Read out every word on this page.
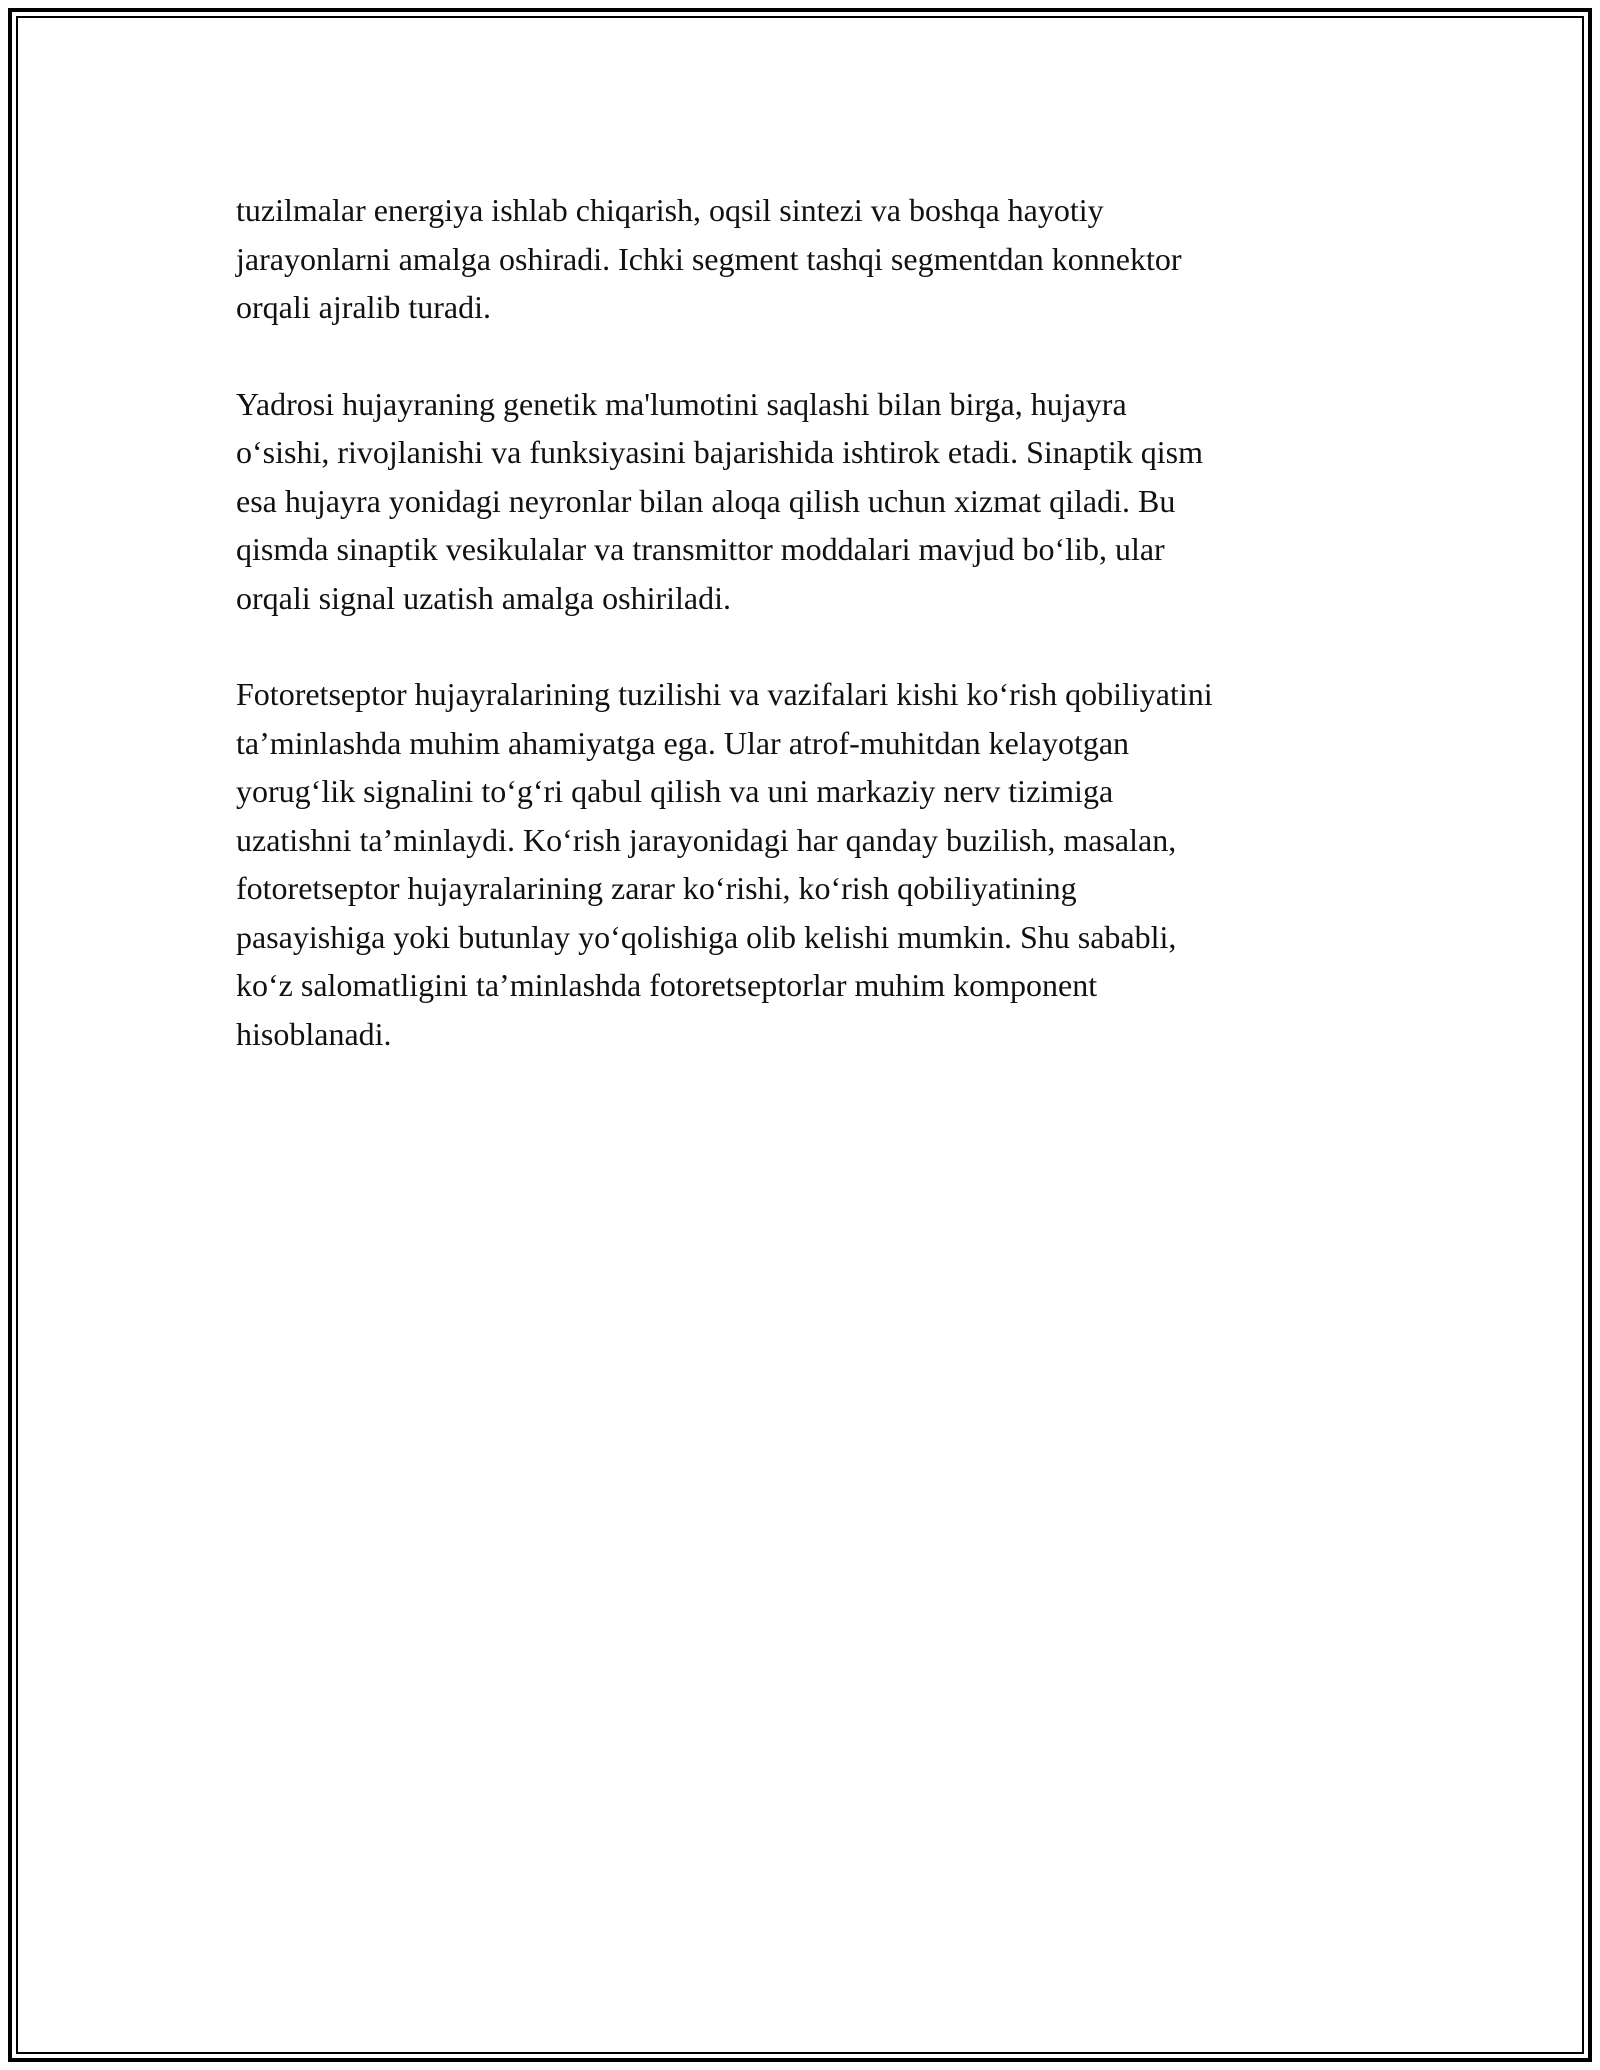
tuzilmalar energiya ishlab chiqarish, oqsil sintezi va boshqa hayotiy
jarayonlarni amalga oshiradi. Ichki segment tashqi segmentdan konnektor
orqali ajralib turadi.

Yadrosi hujayraning genetik ma'lumotini saqlashi bilan birga, hujayra
o‘sishi, rivojlanishi va funksiyasini bajarishida ishtirok etadi. Sinaptik qism
esa hujayra yonidagi neyronlar bilan aloqa qilish uchun xizmat qiladi. Bu
qismda sinaptik vesikulalar va transmittor moddalari mavjud bo‘lib, ular
orqali signal uzatish amalga oshiriladi.

Fotoretseptor hujayralarining tuzilishi va vazifalari kishi ko‘rish qobiliyatini
ta’minlashda muhim ahamiyatga ega. Ular atrof-muhitdan kelayotgan
yorug‘lik signalini to‘g‘ri qabul qilish va uni markaziy nerv tizimiga
uzatishni ta’minlaydi. Ko‘rish jarayonidagi har qanday buzilish, masalan,
fotoretseptor hujayralarining zarar ko‘rishi, ko‘rish qobiliyatining
pasayishiga yoki butunlay yo‘qolishiga olib kelishi mumkin. Shu sababli,
ko‘z salomatligini ta’minlashda fotoretseptorlar muhim komponent
hisoblanadi.
